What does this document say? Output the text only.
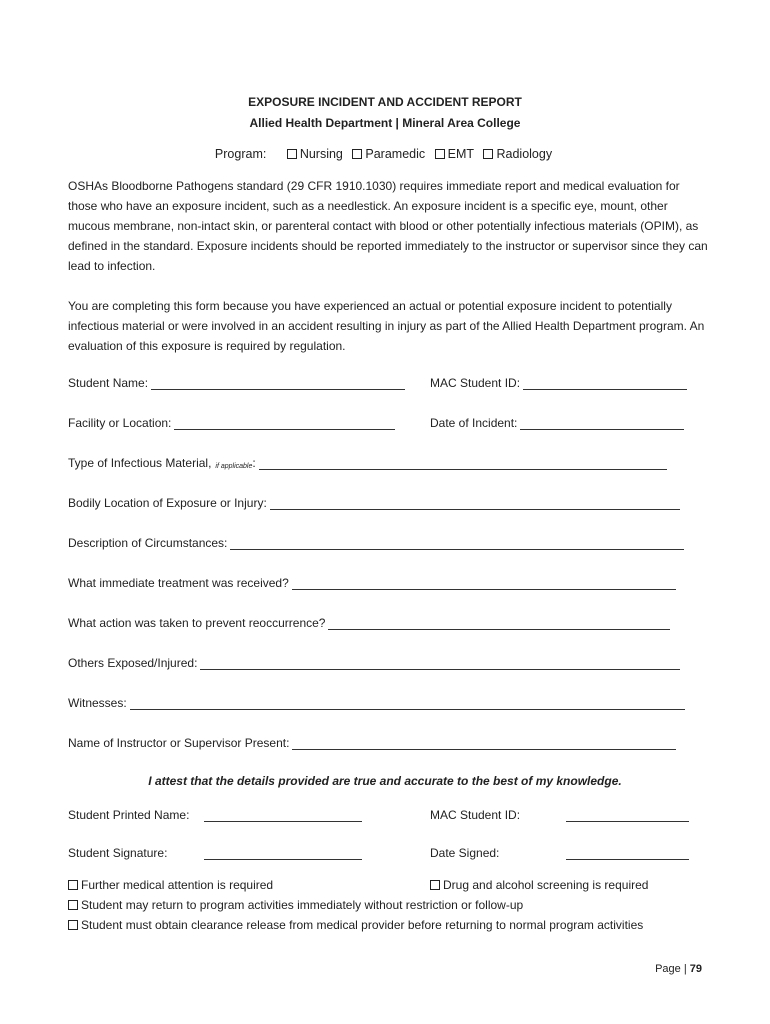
EXPOSURE INCIDENT AND ACCIDENT REPORT
Allied Health Department | Mineral Area College
Program:	Nursing Paramedic EMT Radiology

OSHAs Bloodborne Pathogens standard (29 CFR 1910.1030) requires immediate report and medical evaluation for those who have an exposure incident, such as a needlestick. An exposure incident is a specific eye, mount, other mucous membrane, non-intact skin, or parenteral contact with blood or other potentially infectious materials (OPIM), as defined in the standard. Exposure incidents should be reported immediately to the instructor or supervisor since they can lead to infection.

You are completing this form because you have experienced an actual or potential exposure incident to potentially infectious material or were involved in an accident resulting in injury as part of the Allied Health Department program. An evaluation of this exposure is required by regulation.

Student Name:	MAC Student ID:
Facility or Location:	Date of Incident:
Type of Infectious Material, if applicable :
Bodily Location of Exposure or Injury:
Description of Circumstances:
What immediate treatment was received?
What action was taken to prevent reoccurrence?
Others Exposed/Injured:
Witnesses:
Name of Instructor or Supervisor Present:
I attest that the details provided are true and accurate to the best of my knowledge.
Student Printed Name:	MAC Student ID:
Student Signature:	Date Signed:
Further medical attention is required	Drug and alcohol screening is required
Student may return to program activities immediately without restriction or follow-up
Student must obtain clearance release from medical provider before returning to normal program activities
Page | 79
